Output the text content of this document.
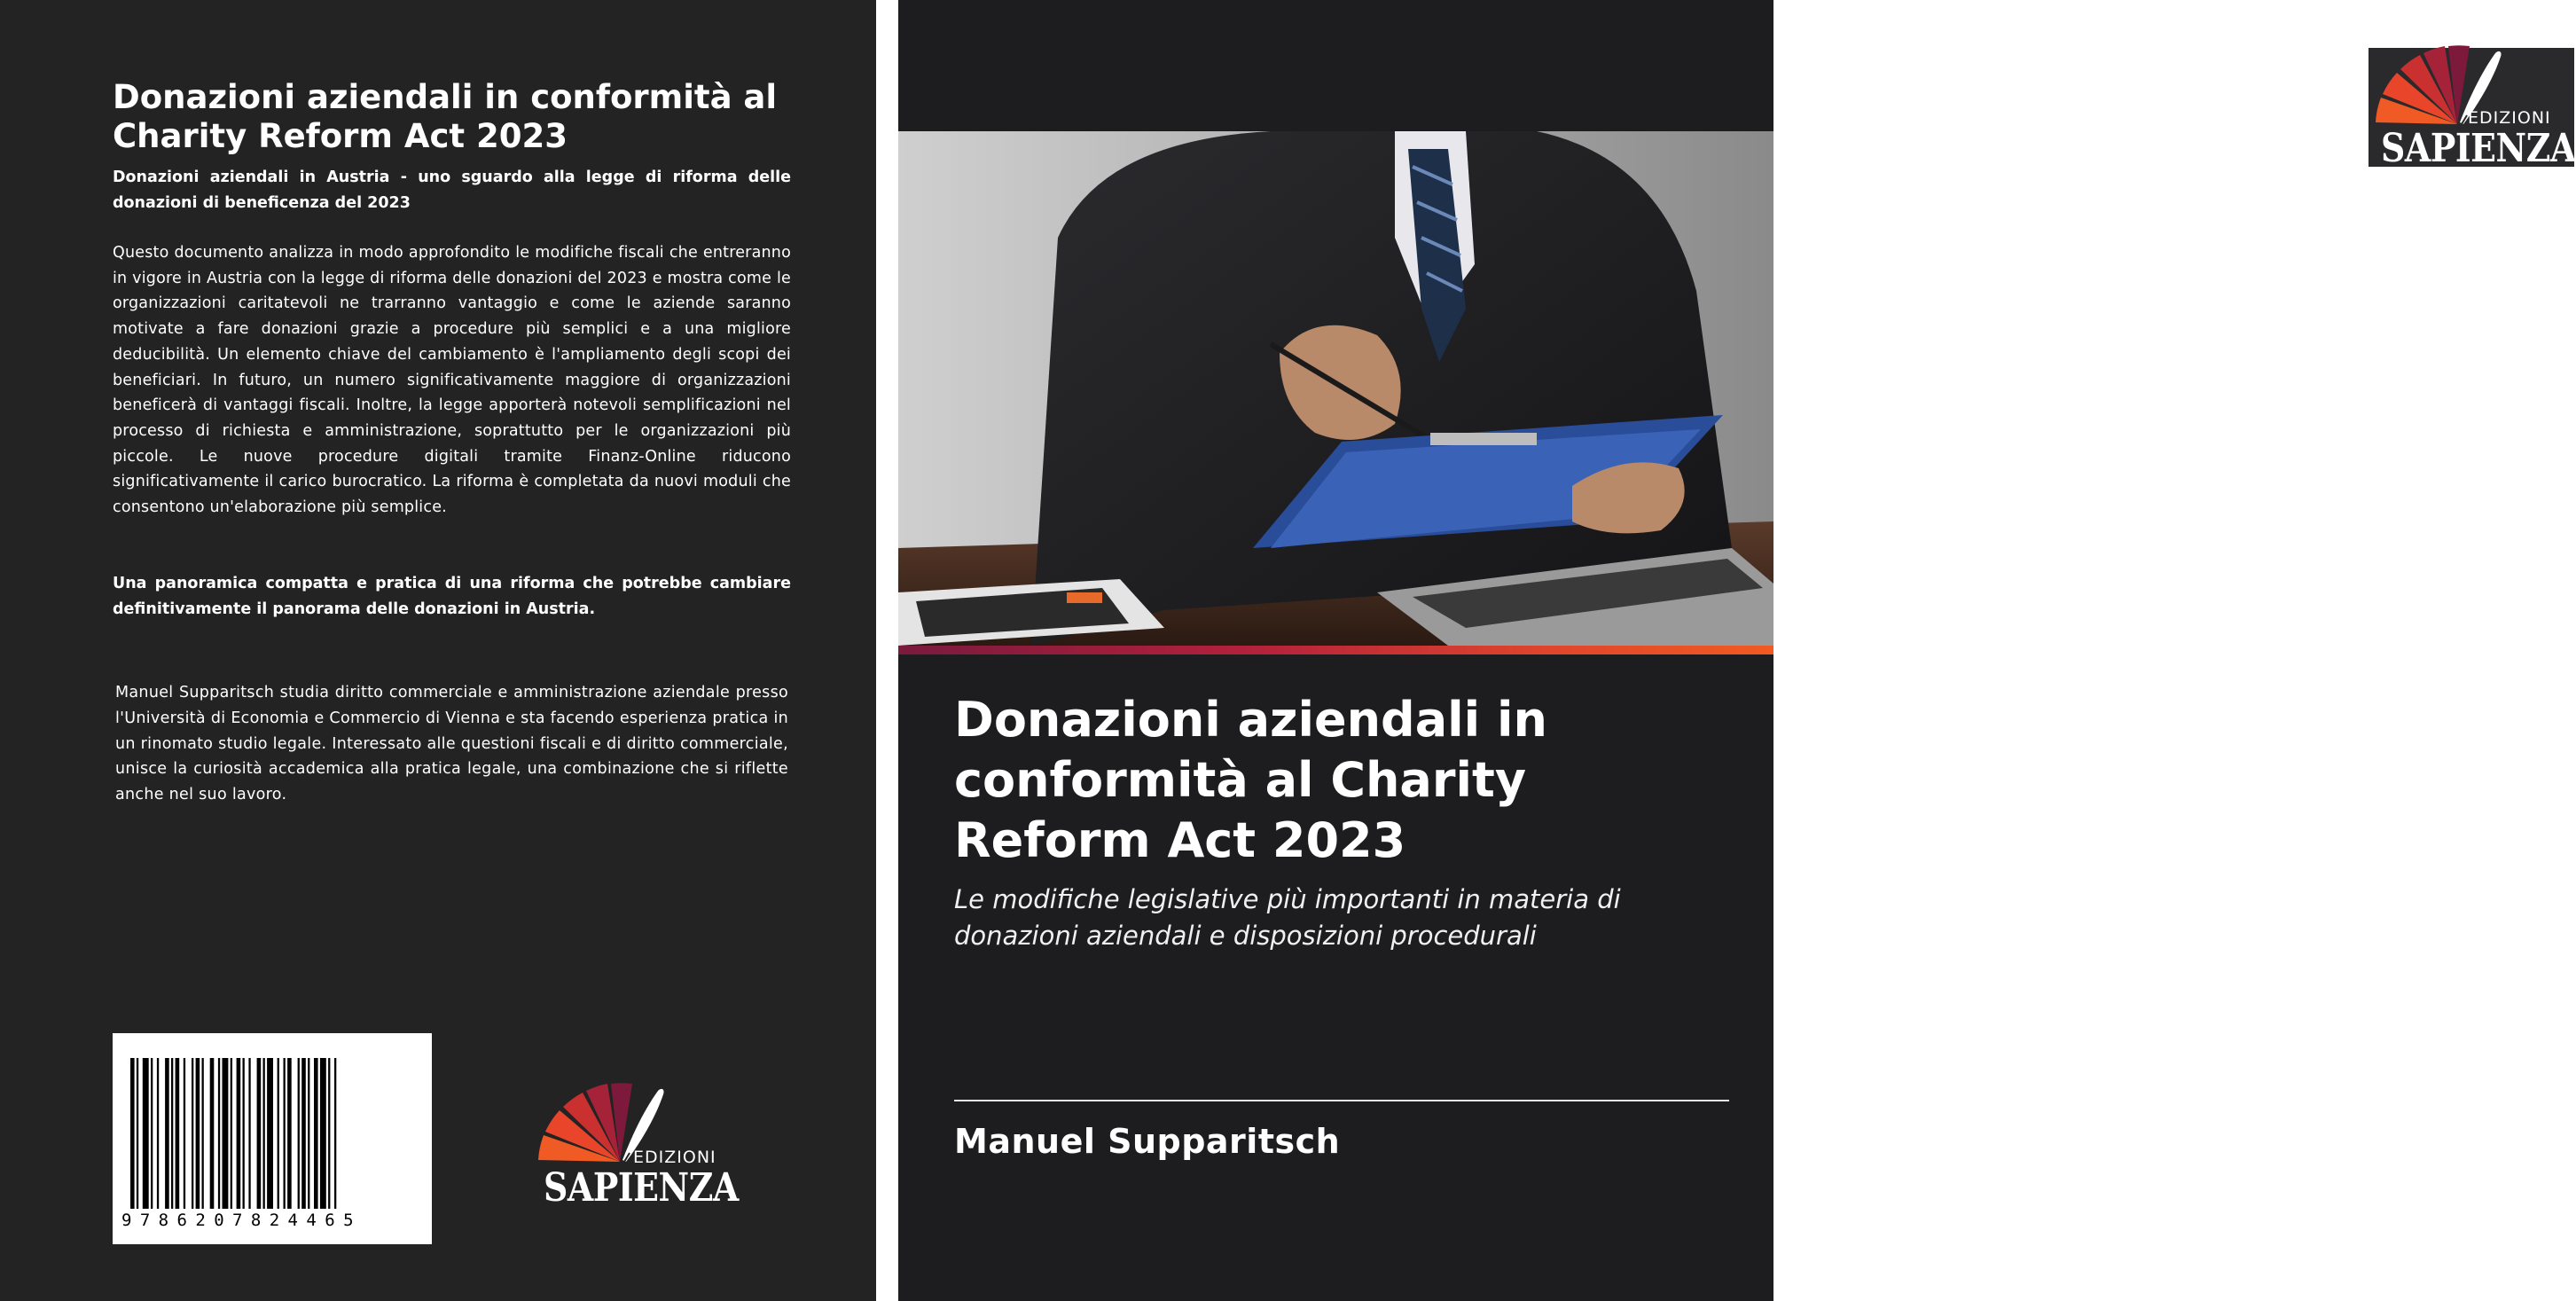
Donazioni aziendali in conformità al Charity Reform Act 2023

Donazioni aziendali in Austria - uno sguardo alla legge di riforma delle donazioni di beneficenza del 2023

Questo documento analizza in modo approfondito le modifiche fiscali che entreranno in vigore in Austria con la legge di riforma delle donazioni del 2023 e mostra come le organizzazioni caritatevoli ne trarranno vantaggio e come le aziende saranno motivate a fare donazioni grazie a procedure più semplici e a una migliore deducibilità. Un elemento chiave del cambiamento è l'ampliamento degli scopi dei beneficiari. In futuro, un numero significativamente maggiore di organizzazioni beneficerà di vantaggi fiscali. Inoltre, la legge apporterà notevoli semplificazioni nel processo di richiesta e amministrazione, soprattutto per le organizzazioni più piccole. Le nuove procedure digitali tramite Finanz-Online riducono significativamente il carico burocratico. La riforma è completata da nuovi moduli che consentono un'elaborazione più semplice.

Una panoramica compatta e pratica di una riforma che potrebbe cambiare definitivamente il panorama delle donazioni in Austria.

Manuel Supparitsch studia diritto commerciale e amministrazione aziendale presso l'Università di Economia e Commercio di Vienna e sta facendo esperienza pratica in un rinomato studio legale. Interessato alle questioni fiscali e di diritto commerciale, unisce la curiosità accademica alla pratica legale, una combinazione che si riflette anche nel suo lavoro.

9786207824465
EDIZIONI
SAPIENZA
EDIZIONI
SAPIENZA
Donazioni aziendali in conformità al Charity Reform Act 2023

Le modifiche legislative più importanti in materia di donazioni aziendali e disposizioni procedurali

Manuel Supparitsch
